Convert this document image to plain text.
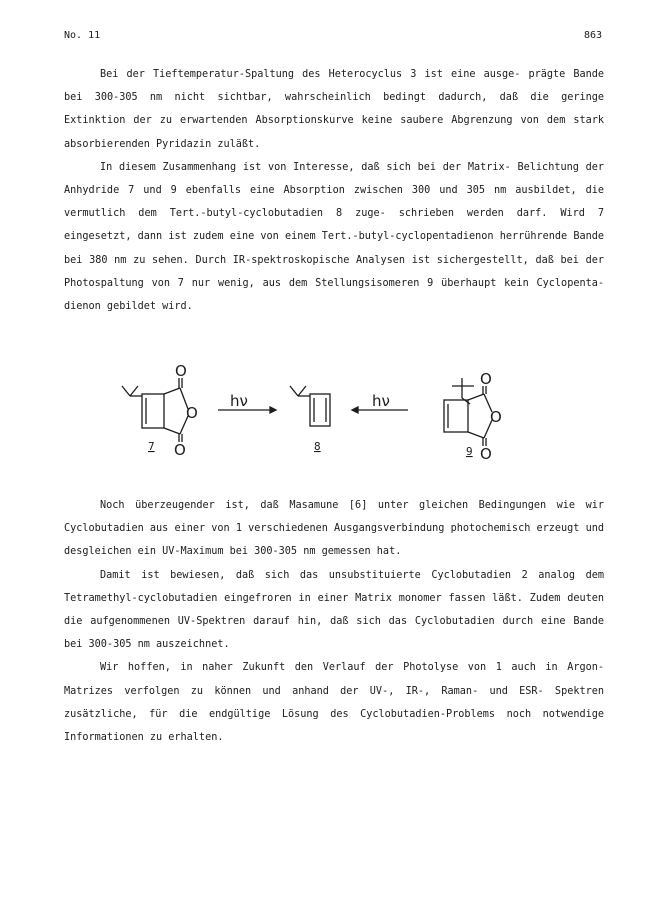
No. 11	863

Bei der Tieftemperatur-Spaltung des Heterocyclus 3 ist eine ausge- prägte Bande bei 300-305 nm nicht sichtbar, wahrscheinlich bedingt dadurch, daß die geringe Extinktion der zu erwartenden Absorptionskurve keine saubere Abgrenzung von dem stark absorbierenden Pyridazin zuläßt.

In diesem Zusammenhang ist von Interesse, daß sich bei der Matrix- Belichtung der Anhydride 7 und 9 ebenfalls eine Absorption zwischen 300 und 305 nm ausbildet, die vermutlich dem Tert.-butyl-cyclobutadien 8 zuge- schrieben werden darf. Wird 7 eingesetzt, dann ist zudem eine von einem Tert.-butyl-cyclopentadienon herrührende Bande bei 380 nm zu sehen. Durch IR-spektroskopische Analysen ist sichergestellt, daß bei der Photospaltung von 7 nur wenig, aus dem Stellungsisomeren 9 überhaupt kein Cyclopenta- dienon gebildet wird.

O
O
O
O
O
O
hν	hν
7	8	9

Noch überzeugender ist, daß Masamune [6] unter gleichen Bedingungen wie wir Cyclobutadien aus einer von 1 verschiedenen Ausgangsverbindung photochemisch erzeugt und desgleichen ein UV-Maximum bei 300-305 nm gemessen hat.

Damit ist bewiesen, daß sich das unsubstituierte Cyclobutadien 2 analog dem Tetramethyl-cyclobutadien eingefroren in einer Matrix monomer fassen läßt. Zudem deuten die aufgenommenen UV-Spektren darauf hin, daß sich das Cyclobutadien durch eine Bande bei 300-305 nm auszeichnet.

Wir hoffen, in naher Zukunft den Verlauf der Photolyse von 1 auch in Argon-Matrizes verfolgen zu können und anhand der UV-, IR-, Raman- und ESR- Spektren zusätzliche, für die endgültige Lösung des Cyclobutadien-Problems noch notwendige Informationen zu erhalten.
